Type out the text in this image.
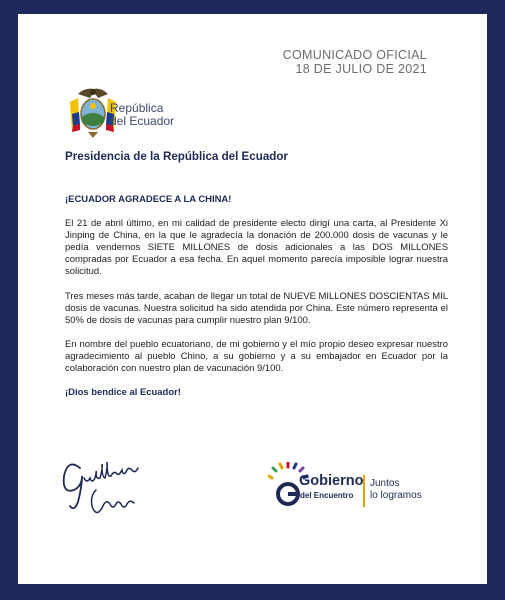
COMUNICADO OFICIAL
18 DE JULIO DE 2021
República
del Ecuador
Presidencia de la República del Ecuador

¡ECUADOR AGRADECE A LA CHINA!

El 21 de abril último, en mi calidad de presidente electo dirigí una carta, al Presidente Xi Jinping de China, en la que le agradecía la donación de 200.000 dosis de vacunas y le pedía vendernos SIETE MILLONES de dosis adicionales a las DOS MILLONES compradas por Ecuador a esa fecha. En aquel momento parecía imposible lograr nuestra solicitud.

Tres meses más tarde, acaban de llegar un total de NUEVE MILLONES DOSCIENTAS MIL dosis de vacunas. Nuestra solicitud ha sido atendida por China. Este número representa el 50% de dosis de vacunas para cumplir nuestro plan 9/100.

En nombre del pueblo ecuatoriano, de mi gobierno y el mío propio deseo expresar nuestro agradecimiento al pueblo Chino, a su gobierno y a su embajador en Ecuador por la colaboración con nuestro plan de vacunación 9/100.

¡Dios bendice al Ecuador!

Gobierno
del Encuentro
Juntos
lo logramos
